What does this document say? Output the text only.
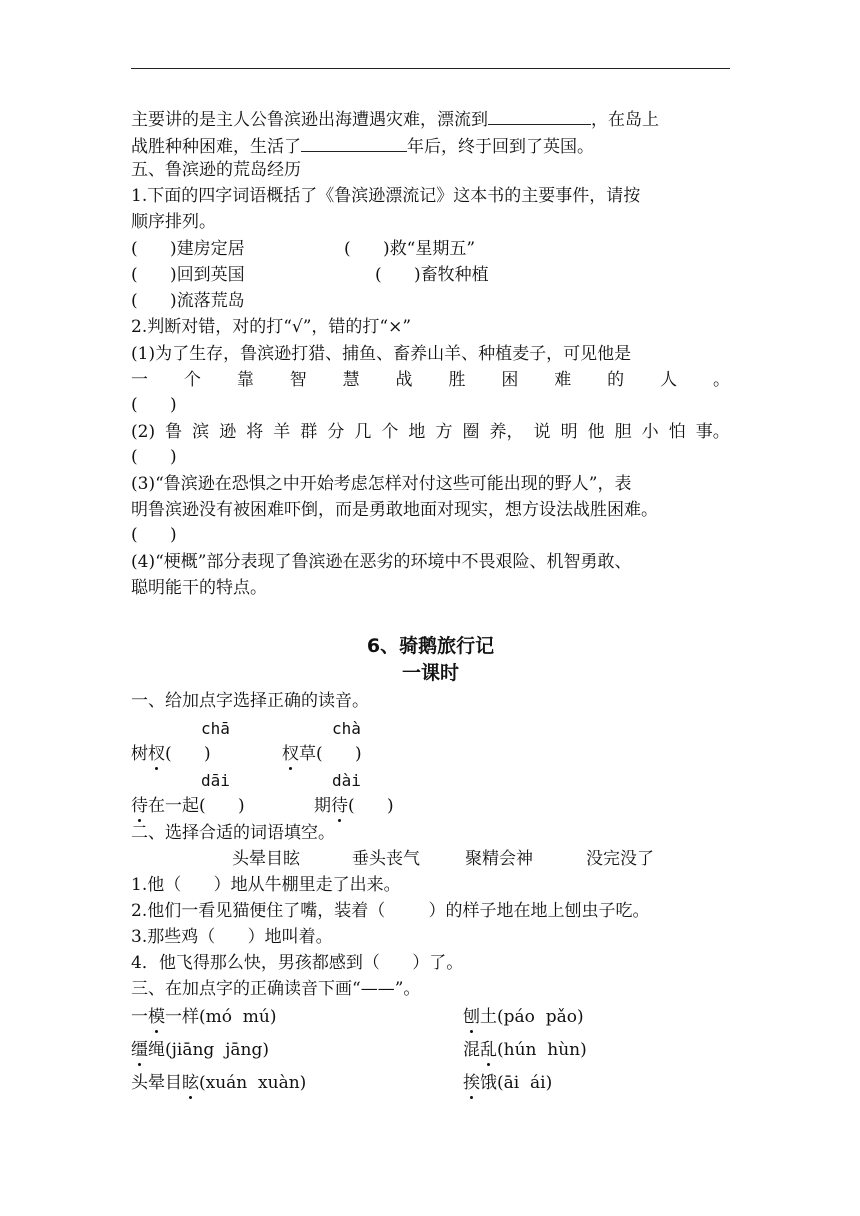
主要讲的是主人公鲁滨逊出海遭遇灾难，漂流到	，在岛上
战胜种种困难，生活了	年后，终于回到了英国。
五、鲁滨逊的荒岛经历
1.下面的四字词语概括了《鲁滨逊漂流记》这本书的主要事件，请按
顺序排列。
(      )建房定居	(      )救“星期五”
(      )回到英国	(      )畜牧种植
(      )流落荒岛
2.判断对错，对的打“√”，错的打“×”
(1)为了生存，鲁滨逊打猎、捕鱼、畜养山羊、种植麦子，可见他是
一 个 靠 智 慧 战 胜 困 难 的 人 。
(      )
(2) 鲁 滨 逊 将 羊 群 分 几 个 地 方 圈 养， 说 明 他 胆 小 怕 事。
(      )
(3)“鲁滨逊在恐惧之中开始考虑怎样对付这些可能出现的野人”，表
明鲁滨逊没有被困难吓倒，而是勇敢地面对现实，想方设法战胜困难。
(      )
(4)“梗概”部分表现了鲁滨逊在恶劣的环境中不畏艰险、机智勇敢、
聪明能干的特点。
6、骑鹅旅行记
一课时
一、给加点字选择正确的读音。
chā	chà
树杈(      )	杈草(      )
dāi	dài
待在一起(      )	期待(      )
二、选择合适的词语填空。
头晕目眩	垂头丧气	聚精会神	没完没了
1.他（      ）地从牛棚里走了出来。
2.他们一看见猫便住了嘴，装着（        ）的样子地在地上刨虫子吃。
3.那些鸡（      ）地叫着。
4．他飞得那么快，男孩都感到（      ）了。
三、在加点字的正确读音下画“——”。
一模一样(mó  mú)	刨土(páo  pǎo)
缰绳(jiāng  jāng)	混乱(hún  hùn)
头晕目眩(xuán  xuàn)	挨饿(āi  ái)
